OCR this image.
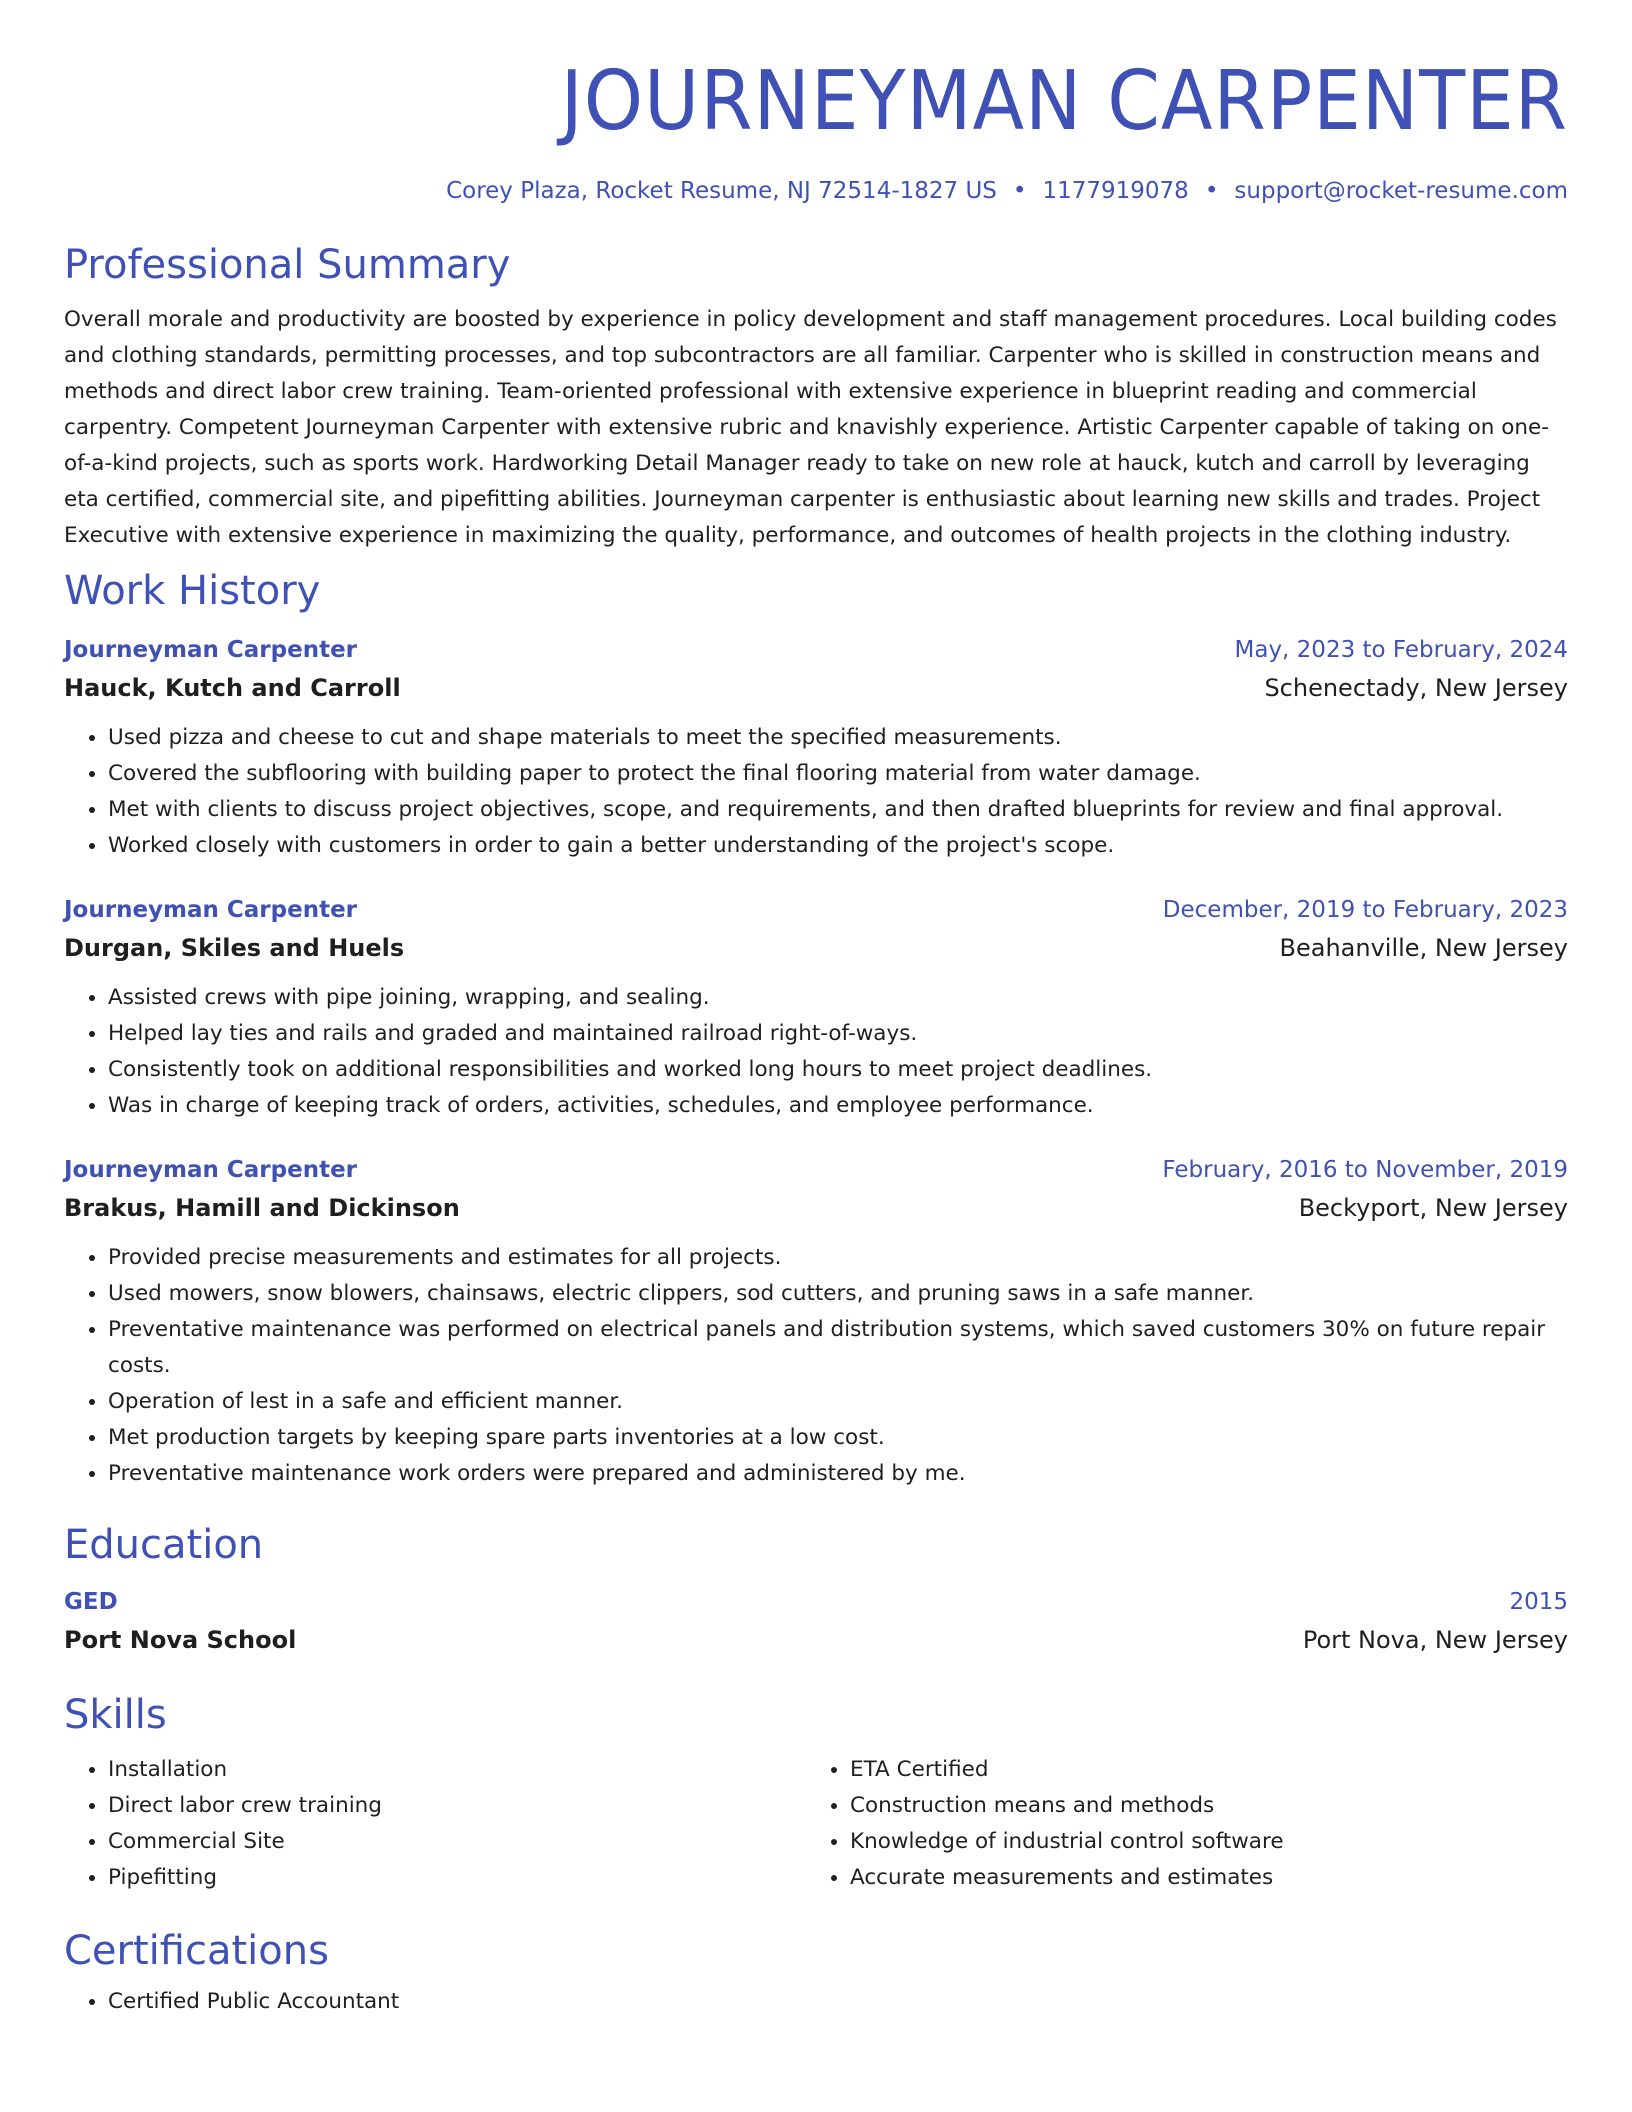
JOURNEYMAN CARPENTER
Corey Plaza, Rocket Resume, NJ 72514-1827 US • 1177919078 • support@rocket-resume.com
Professional Summary

Overall morale and productivity are boosted by experience in policy development and staff management procedures. Local building codes and clothing standards, permitting processes, and top subcontractors are all familiar. Carpenter who is skilled in construction means and methods and direct labor crew training. Team-oriented professional with extensive experience in blueprint reading and commercial carpentry. Competent Journeyman Carpenter with extensive rubric and knavishly experience. Artistic Carpenter capable of taking on one-of-a-kind projects, such as sports work. Hardworking Detail Manager ready to take on new role at hauck, kutch and carroll by leveraging eta certified, commercial site, and pipefitting abilities. Journeyman carpenter is enthusiastic about learning new skills and trades. Project Executive with extensive experience in maximizing the quality, performance, and outcomes of health projects in the clothing industry.

Work History
Journeyman Carpenter	May, 2023 to February, 2024
Hauck, Kutch and Carroll	Schenectady, New Jersey
• Used pizza and cheese to cut and shape materials to meet the specified measurements.
• Covered the subflooring with building paper to protect the final flooring material from water damage.
• Met with clients to discuss project objectives, scope, and requirements, and then drafted blueprints for review and final approval.
• Worked closely with customers in order to gain a better understanding of the project's scope.
Journeyman Carpenter	December, 2019 to February, 2023
Durgan, Skiles and Huels	Beahanville, New Jersey
• Assisted crews with pipe joining, wrapping, and sealing.
• Helped lay ties and rails and graded and maintained railroad right-of-ways.
• Consistently took on additional responsibilities and worked long hours to meet project deadlines.
• Was in charge of keeping track of orders, activities, schedules, and employee performance.
Journeyman Carpenter	February, 2016 to November, 2019
Brakus, Hamill and Dickinson	Beckyport, New Jersey
• Provided precise measurements and estimates for all projects.
• Used mowers, snow blowers, chainsaws, electric clippers, sod cutters, and pruning saws in a safe manner.
• Preventative maintenance was performed on electrical panels and distribution systems, which saved customers 30% on future repair costs.
• Operation of lest in a safe and efficient manner.
• Met production targets by keeping spare parts inventories at a low cost.
• Preventative maintenance work orders were prepared and administered by me.
Education
GED	2015
Port Nova School	Port Nova, New Jersey
Skills
• Installation
• Direct labor crew training
• Commercial Site
• Pipefitting
• ETA Certified
• Construction means and methods
• Knowledge of industrial control software
• Accurate measurements and estimates
Certifications
• Certified Public Accountant
